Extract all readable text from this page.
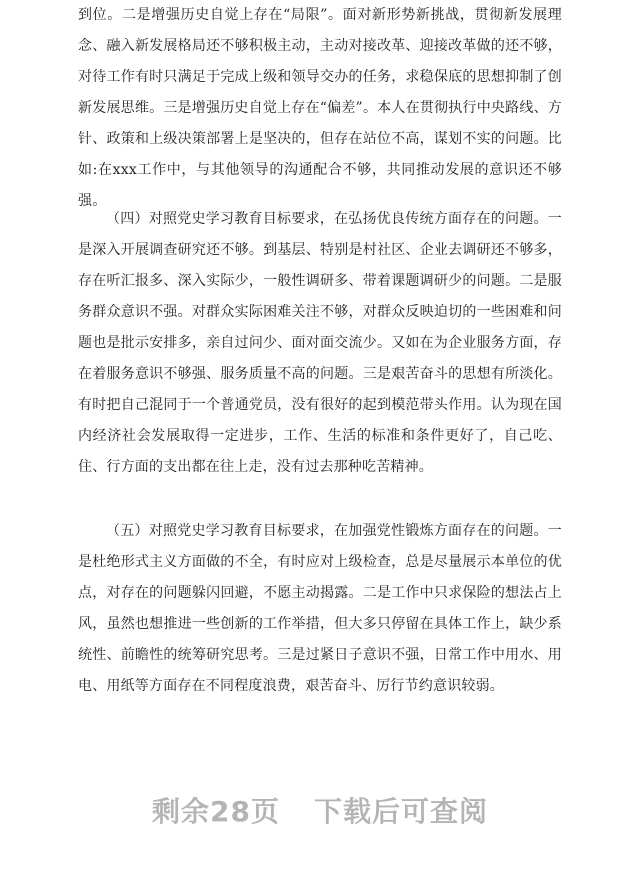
到位。二是增强历史自觉上存在“局限”。面对新形势新挑战，贯彻新发展理念、融入新发展格局还不够积极主动，主动对接改革、迎接改革做的还不够，对待工作有时只满足于完成上级和领导交办的任务，求稳保底的思想抑制了创新发展思维。三是增强历史自觉上存在“偏差”。本人在贯彻执行中央路线、方针、政策和上级决策部署上是坚决的，但存在站位不高，谋划不实的问题。比如:在xxx工作中，与其他领导的沟通配合不够，共同推动发展的意识还不够强。

（四）对照党史学习教育目标要求，在弘扬优良传统方面存在的问题。一是深入开展调查研究还不够。到基层、特别是村社区、企业去调研还不够多，存在听汇报多、深入实际少，一般性调研多、带着课题调研少的问题。二是服务群众意识不强。对群众实际困难关注不够，对群众反映迫切的一些困难和问题也是批示安排多，亲自过问少、面对面交流少。又如在为企业服务方面，存在着服务意识不够强、服务质量不高的问题。三是艰苦奋斗的思想有所淡化。有时把自己混同于一个普通党员，没有很好的起到模范带头作用。认为现在国内经济社会发展取得一定进步，工作、生活的标准和条件更好了，自己吃、住、行方面的支出都在往上走，没有过去那种吃苦精神。

（五）对照党史学习教育目标要求，在加强党性锻炼方面存在的问题。一是杜绝形式主义方面做的不全，有时应对上级检查，总是尽量展示本单位的优点，对存在的问题躲闪回避，不愿主动揭露。二是工作中只求保险的想法占上风，虽然也想推进一些创新的工作举措，但大多只停留在具体工作上，缺少系统性、前瞻性的统筹研究思考。三是过紧日子意识不强，日常工作中用水、用电、用纸等方面存在不同程度浪费，艰苦奋斗、厉行节约意识较弱。

剩余28页 下载后可查阅
